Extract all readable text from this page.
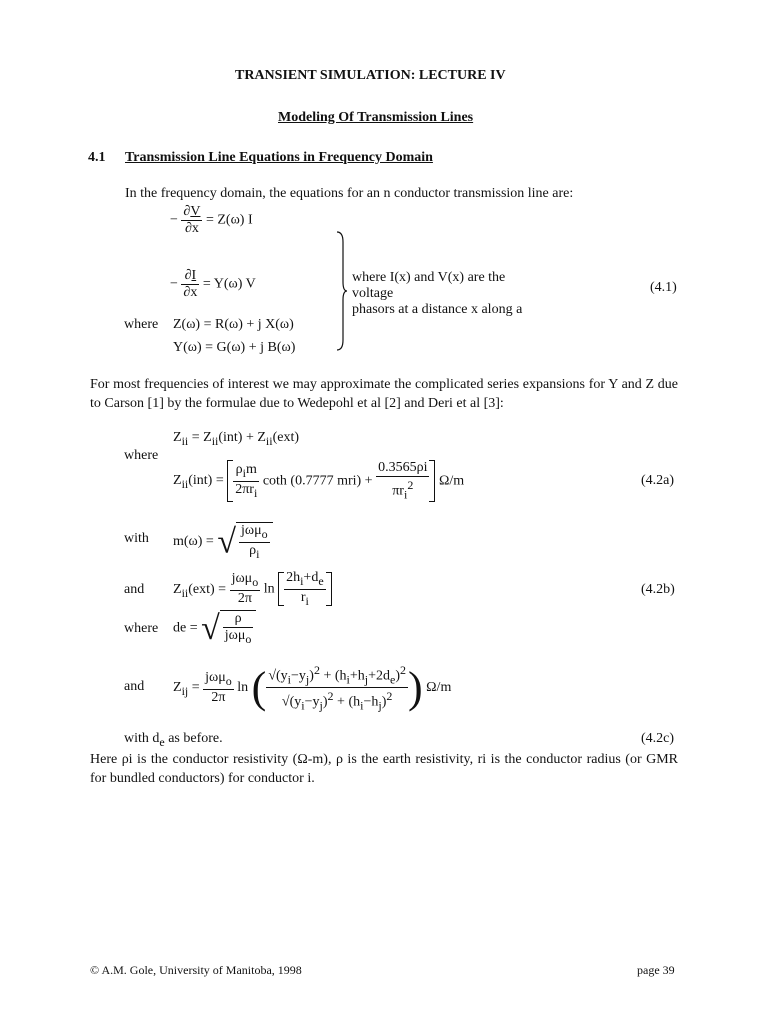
TRANSIENT SIMULATION: LECTURE IV
Modeling Of Transmission Lines
4.1 Transmission Line Equations in Frequency Domain
In the frequency domain, the equations for an n conductor transmission line are:
− $\frac{\partial V}{\partial x} = Z(\omega)$ I
− $\frac{\partial I}{\partial x} = Y(\omega)$ V
where Z(ω) = R(ω) + j X(ω)
Y(ω) = G(ω) + j B(ω)
where I(x) and V(x) are the
voltage
phasors at a distance x along a
(4.1)
For most frequencies of interest we may approximate the complicated series expansions for Y and Z due to Carson [1] by the formulae due to Wedepohl et al [2] and Deri et al [3]:
$Z_{ii} = Z_{ii}(int) + Z_{ii}(ext)$
where
$Z_{ii}(int) = \frac{\rho_im}{2\pi r_i}$ coth (0.7777 $mri) + \frac{0.3565\rho i}{\pi r_i^2} \Omega/m$	(4.2a)
with m(ω) = √ $\frac{j\omega\mu_o}{\rho_i}$
and $Z_{ii}(ext) = \frac{j\omega\mu_o}{2\pi}$ $\ln \frac{2h_i+d_e}{r_i}$	(4.2b)
where de = √ $\frac{\rho}{j\omega\mu_o}$
and $Z_{ij} = \frac{j\omega\mu_o}{2\pi}$ ln ( $\frac{√(y_i-y_j)^2 + (h_i+h_j+2d_e)^2}{√(y_i-y_j)^2 + (h_i-h_j)^2}$ ) Ω/m
with $d_e$ as before.	(4.2c)
Here ρi is the conductor resistivity (Ω-m), ρ is the earth resistivity, ri is the conductor radius (or GMR for bundled conductors) for conductor i.
© A.M. Gole, University of Manitoba, 1998	page 39
